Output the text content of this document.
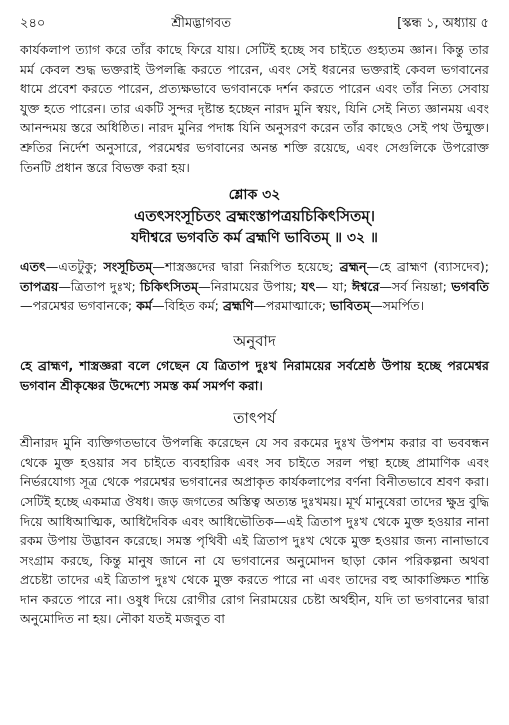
২৪০	শ্রীমদ্ভাগবত	[স্কন্ধ ১, অধ্যায় ৫

কার্যকলাপ ত্যাগ করে তাঁর কাছে ফিরে যায়। সেটিই হচ্ছে সব চাইতে গুহ্যতম জ্ঞান। কিন্তু তার মর্ম কেবল শুদ্ধ ভক্তরাই উপলব্ধি করতে পারেন, এবং সেই ধরনের ভক্তরাই কেবল ভগবানের ধামে প্রবেশ করতে পারেন, প্রত্যক্ষভাবে ভগবানকে দর্শন করতে পারেন এবং তাঁর নিত্য সেবায় যুক্ত হতে পারেন। তার একটি সুন্দর দৃষ্টান্ত হচ্ছেন নারদ মুনি স্বয়ং, যিনি সেই নিত্য জ্ঞানময় এবং আনন্দময় স্তরে অধিষ্ঠিত। নারদ মুনির পদাঙ্ক যিনি অনুসরণ করেন তাঁর কাছেও সেই পথ উন্মুক্ত। শ্রুতির নির্দেশ অনুসারে, পরমেশ্বর ভগবানের অনন্ত শক্তি রয়েছে, এবং সেগুলিকে উপরোক্ত তিনটি প্রধান স্তরে বিভক্ত করা হয়।

শ্লোক ৩২
এতৎসংসূচিতং ব্রহ্মংস্তাপত্রয়চিকিৎসিতম্।
যদীশ্বরে ভগবতি কর্ম ব্রহ্মণি ভাবিতম্ ॥ ৩২ ॥

এতৎ—এতটুকু; সংসূচিতম্—শাস্ত্রজ্ঞদের দ্বারা নিরূপিত হয়েছে; ব্রহ্মন্—হে ব্রাহ্মণ (ব্যাসদেব); তাপত্রয়—ত্রিতাপ দুঃখ; চিকিৎসিতম্—নিরাময়ের উপায়; যৎ— যা; ঈশ্বরে—সর্ব নিয়ন্তা; ভগবতি—পরমেশ্বর ভগবানকে; কর্ম—বিহিত কর্ম; ব্রহ্মণি—পরমাত্মাকে; ভাবিতম্—সমর্পিত।

অনুবাদ

হে ব্রাহ্মণ, শাস্ত্রজ্ঞরা বলে গেছেন যে ত্রিতাপ দুঃখ নিরাময়ের সর্বশ্রেষ্ঠ উপায় হচ্ছে পরমেশ্বর ভগবান শ্রীকৃষ্ণের উদ্দেশ্যে সমস্ত কর্ম সমর্পণ করা।

তাৎপর্য

শ্রীনারদ মুনি ব্যক্তিগতভাবে উপলব্ধি করেছেন যে সব রকমের দুঃখ উপশম করার বা ভববন্ধন থেকে মুক্ত হওয়ার সব চাইতে ব্যবহারিক এবং সব চাইতে সরল পন্থা হচ্ছে প্রামাণিক এবং নির্ভরযোগ্য সূত্র থেকে পরমেশ্বর ভগবানের অপ্রাকৃত কার্যকলাপের বর্ণনা বিনীতভাবে শ্রবণ করা। সেটিই হচ্ছে একমাত্র ঔষধ। জড় জগতের অস্তিত্ব অত্যন্ত দুঃখময়। মূর্খ মানুষেরা তাদের ক্ষুদ্র বুদ্ধি দিয়ে আধিআত্মিক, আধিদৈবিক এবং আধিভৌতিক—এই ত্রিতাপ দুঃখ থেকে মুক্ত হওয়ার নানা রকম উপায় উদ্ভাবন করেছে। সমস্ত পৃথিবী এই ত্রিতাপ দুঃখ থেকে মুক্ত হওয়ার জন্য নানাভাবে সংগ্রাম করছে, কিন্তু মানুষ জানে না যে ভগবানের অনুমোদন ছাড়া কোন পরিকল্পনা অথবা প্রচেষ্টা তাদের এই ত্রিতাপ দুঃখ থেকে মুক্ত করতে পারে না এবং তাদের বহু আকাঙ্ক্ষিত শান্তি দান করতে পারে না। ওষুধ দিয়ে রোগীর রোগ নিরাময়ের চেষ্টা অর্থহীন, যদি তা ভগবানের দ্বারা অনুমোদিত না হয়। নৌকা যতই মজবুত বা
